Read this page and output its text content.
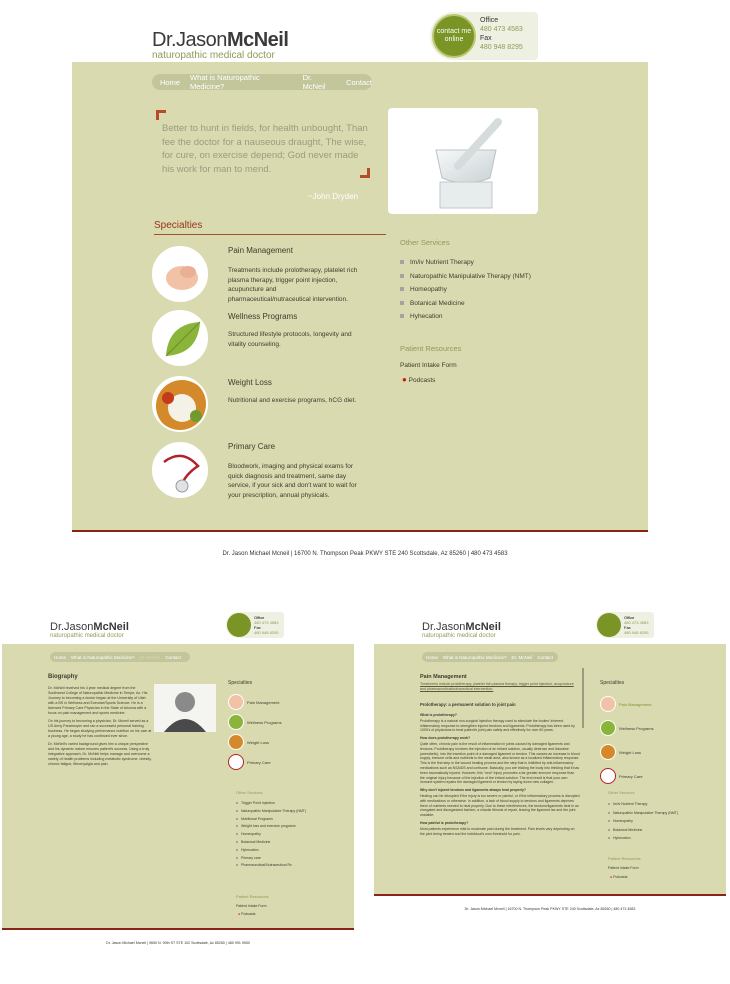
Dr.JasonMcNeil
naturopathic medical doctor
contact me
online
Office
480 473 4583
Fax
480 948 8295
Home What is Naturopathic Medicine?
Dr. McNeil	Contact
Better to hunt in fields, for health unbought, Than fee the doctor for a nauseous draught, The wise, for cure, on exercise depend; God never made his work for man to mend.
~John Dryden
Specialties
Pain Management
Treatments include prolotherapy, platelet rich plasma therapy, trigger point injection, acupuncture and pharmaceutical/nutraceutical intervention.
Wellness Programs
Structured lifestyle protocols, longevity and vitality counseling.
Weight Loss
Nutritional and exercise programs, hCG diet.
Primary Care
Bloodwork, imaging and physical exams for quick diagnosis and treatment, same day service, if your sick and don't want to wait for your prescription, annual physicals.
Other Services
Im/iv Nutrient Therapy
Naturopathic Manipulative Therapy (NMT)
Homeopathy
Botanical Medicine
Hyhecation
Patient Resources
Patient Intake Form
● Podcasts
Dr. Jason Michael Mcneil | 16700 N. Thompson Peak PKWY STE 240 Scottsdale, Az 85260 | 480 473 4583
Dr.JasonMcNeil
naturopathic medical doctor
Office
480 473 4583
Fax
480 948 8295
Home What is Naturopathic Medicine? Dr. McNeil Contact
Biography

Dr. McNeil received his 4 year medical degree from the Southwest College of Naturopathic Medicine in Tempe, Az. His Journey to becoming a doctor began at the University of Utah with a BS in Wellness and Exercise/Sports Science. He is a licensed Primary Care Physician in the State of Arizona with a focus on pain management and sports medicine.

On his journey to becoming a physician, Dr. Mcneil served as a US Army Paratrooper and ran a successful personal training business. He began studying performance nutrition on his own at a young age, a study he has continued ever since.

Dr. McNeil's varied background gives him a unique perspective and his dynamic nature ensures patient's success. Using a truly integrative approach, Dr. McNeil helps manage and overcome a variety of health problems including metabolic syndrome, obesity, chronic fatigue, fibromyalgia and pain.

Specialties
Pain Management
Wellness Programs
Weight Loss
Primary Care
Other Services
Trigger Point Injection
Naturopathic Manipulative Therapy (NMT)
Nutritional Programs
Weight loss and exercise programs
Homeopathy
Botanical Medicine
Hyhecation
Primary care
Pharmaceutical/Nutraceutical Rx
Patient Resources
Patient Intake Form
● Podcasts
Dr. Jason Michael Mcneil | 9650 N. 90th ST STE 102 Scottsdale, Az 85260 | 480 991 9550
Dr.JasonMcNeil
naturopathic medical doctor
Office
480 473 4583
Fax
480 948 8295
Home What is Naturopathic Medicine? Dr. McNeil Contact
Pain Management
Treatments include prolotherapy, platelet rich plasma therapy, trigger point injection, acupuncture and pharmaceutical/nutraceutical intervention.
Prolotherapy: a permanent solution to joint pain
What is prolotherapy?
Prolotherapy is a natural non-surgical injection therapy used to stimulate the bodies' inherent inflammatory response to strengthen injured tendons and ligaments. Prolotherapy has been used by 1000's of physicians to treat patient's joint pain safely and effectively for over 60 years.
How does prolotherapy work?
Quite often, chronic pain is the result of inflammation in joints caused by damaged ligaments and tendons. Prolotherapy involves the injection of an irritant solution, usually dextrose and lidocaine (anesthetic), into the insertion point of a damaged ligament or tendon. This causes an increase in blood supply, immune cells and nutrients to the weak area, also known as a localized inflammatory response. This is the first step in the wound healing process and the step that is inhibited by anti-inflammatory medications such as NSAIDS and cortisone. Basically, you are tricking the body into thinking that it has been traumatically injured. However, this "new" injury promotes a far greater immune response than the original injury because of the injection of the irritant solution. The end result is that your own immune system repairs the damaged ligament or tendon by laying down new collagen.
Why don't injured tendons and ligaments always heal properly?
Healing can be disrupted if the injury is too severe or painful, or if the inflammatory process is disrupted with medications or otherwise. In addition, a lack of blood supply to tendons and ligaments deprives them of nutrients needed to heal properly. Due to these interferences, the tendons/ligaments heal in an elongated and disorganized fashion, a chaotic fibrosis of repair, leaving the ligament lax and the joint unstable.
How painful is prolotherapy?
Most patients experience mild to moderate pain during the treatment. Pain levels vary depending on the joint being treated and the individual's own threshold for pain.
Specialties
Pain Management
Wellness Programs
Weight Loss
Primary Care
Other Services
Im/iv Nutrient Therapy
Naturopathic Manipulative Therapy (NMT)
Homeopathy
Botanical Medicine
Hyhecation
Patient Resources
Patient Intake Form
● Podcasts
Dr. Jason Michael Mcneil | 16700 N. Thompson Peak PKWY STE 240 Scottsdale, Az 85260 | 480 473 4583
